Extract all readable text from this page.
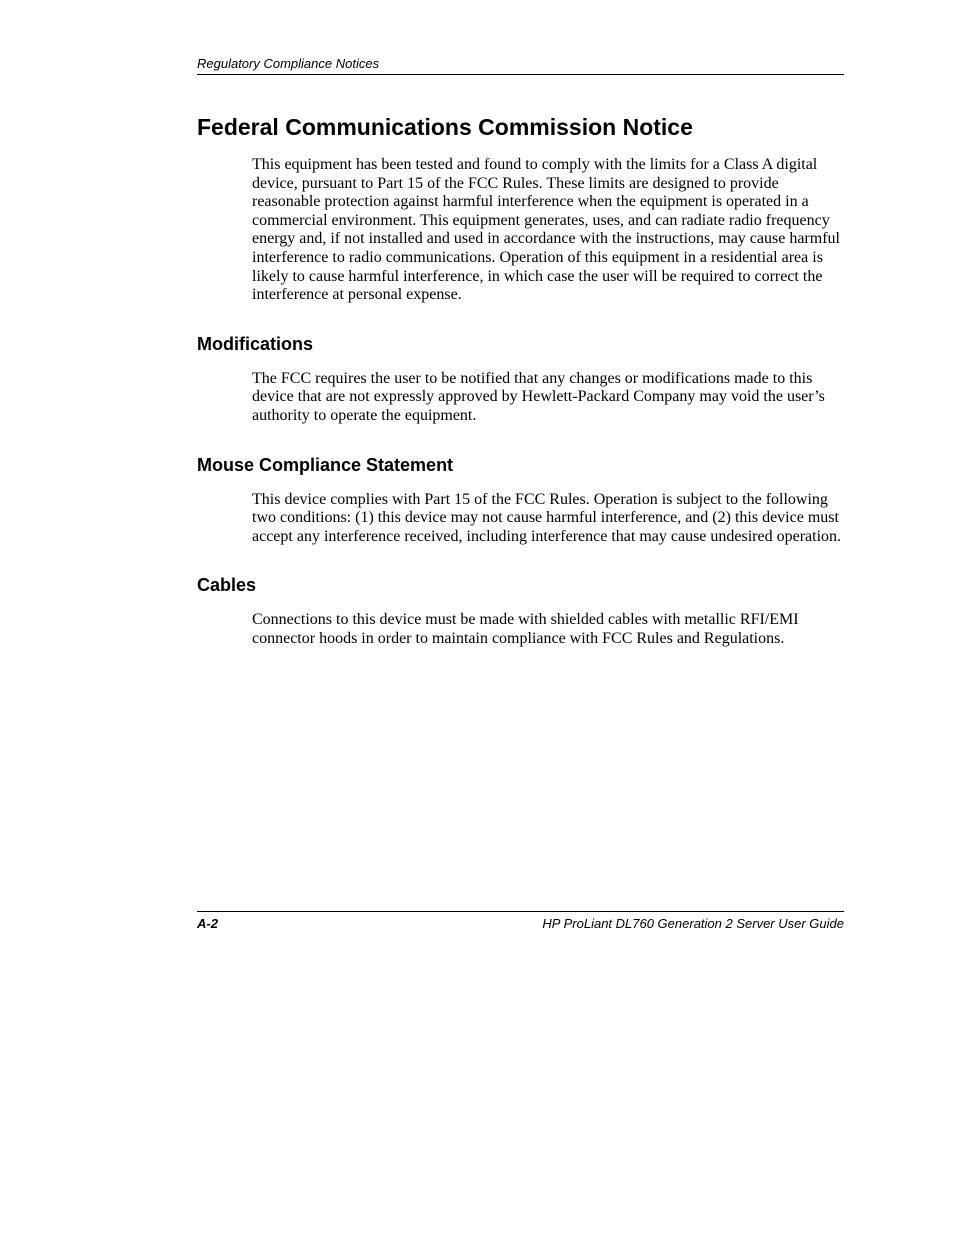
Regulatory Compliance Notices
Federal Communications Commission Notice

This equipment has been tested and found to comply with the limits for a Class A digital device, pursuant to Part 15 of the FCC Rules. These limits are designed to provide reasonable protection against harmful interference when the equipment is operated in a commercial environment. This equipment generates, uses, and can radiate radio frequency energy and, if not installed and used in accordance with the instructions, may cause harmful interference to radio communications. Operation of this equipment in a residential area is likely to cause harmful interference, in which case the user will be required to correct the interference at personal expense.

Modifications

The FCC requires the user to be notified that any changes or modifications made to this device that are not expressly approved by Hewlett-Packard Company may void the user’s authority to operate the equipment.

Mouse Compliance Statement

This device complies with Part 15 of the FCC Rules. Operation is subject to the following two conditions: (1) this device may not cause harmful interference, and (2) this device must accept any interference received, including interference that may cause undesired operation.

Cables

Connections to this device must be made with shielded cables with metallic RFI/EMI connector hoods in order to maintain compliance with FCC Rules and Regulations.

A-2	HP ProLiant DL760 Generation 2 Server User Guide
